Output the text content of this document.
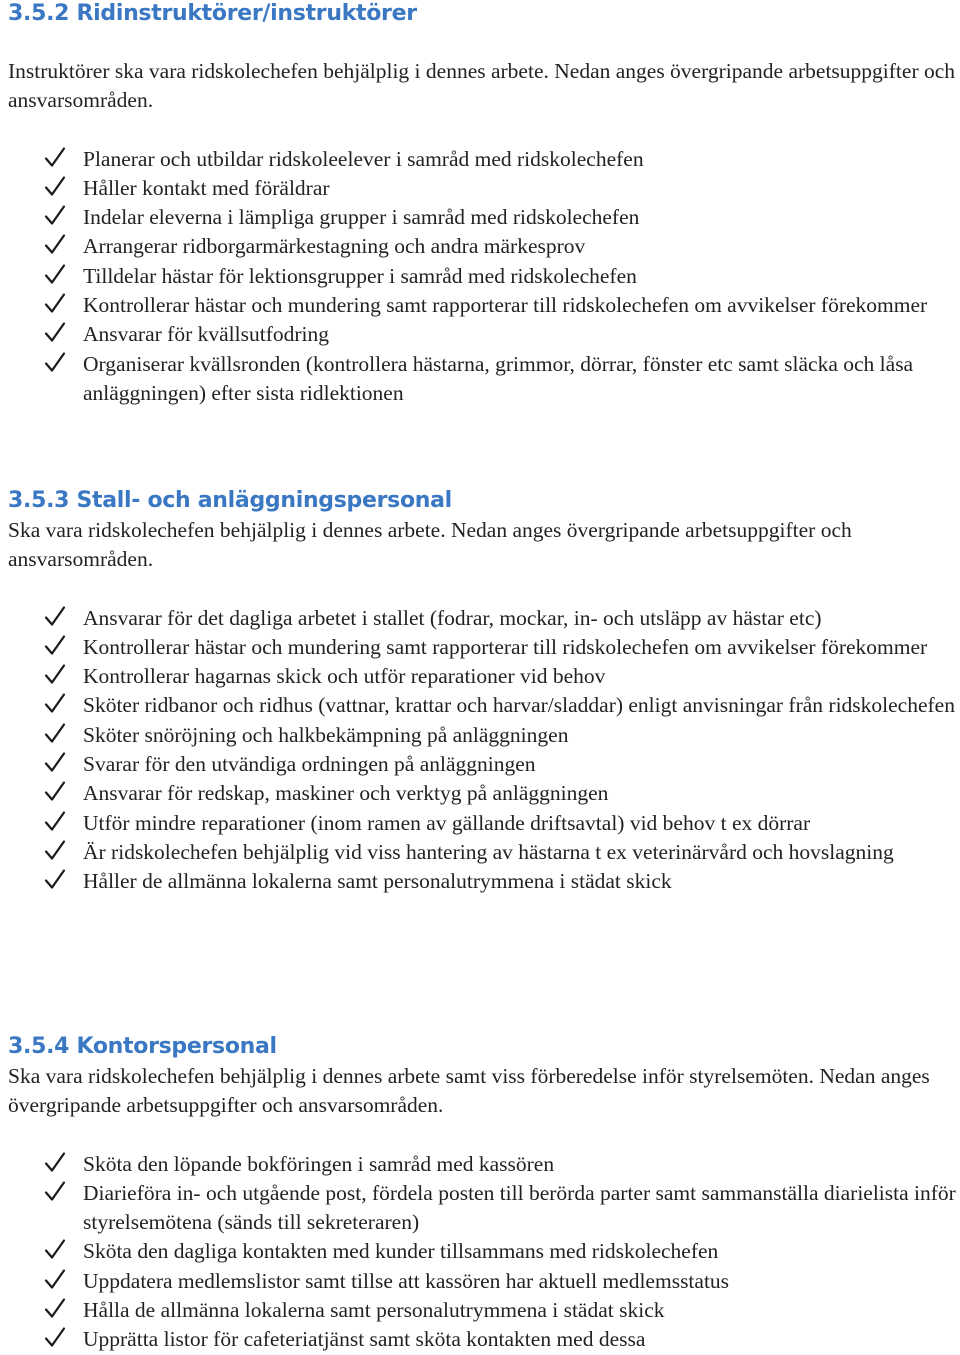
3.5.2 Ridinstruktörer/instruktörer

Instruktörer ska vara ridskolechefen behjälplig i dennes arbete. Nedan anges övergripande arbetsuppgifter och ansvarsområden.

Planerar och utbildar ridskoleelever i samråd med ridskolechefen
Håller kontakt med föräldrar
Indelar eleverna i lämpliga grupper i samråd med ridskolechefen
Arrangerar ridborgarmärkestagning och andra märkesprov
Tilldelar hästar för lektionsgrupper i samråd med ridskolechefen
Kontrollerar hästar och mundering samt rapporterar till ridskolechefen om avvikelser förekommer
Ansvarar för kvällsutfodring
Organiserar kvällsronden (kontrollera hästarna, grimmor, dörrar, fönster etc samt släcka och låsa anläggningen) efter sista ridlektionen
3.5.3 Stall- och anläggningspersonal

Ska vara ridskolechefen behjälplig i dennes arbete. Nedan anges övergripande arbetsuppgifter och ansvarsområden.

Ansvarar för det dagliga arbetet i stallet (fodrar, mockar, in- och utsläpp av hästar etc)
Kontrollerar hästar och mundering samt rapporterar till ridskolechefen om avvikelser förekommer
Kontrollerar hagarnas skick och utför reparationer vid behov
Sköter ridbanor och ridhus (vattnar, krattar och harvar/sladdar) enligt anvisningar från ridskolechefen
Sköter snöröjning och halkbekämpning på anläggningen
Svarar för den utvändiga ordningen på anläggningen
Ansvarar för redskap, maskiner och verktyg på anläggningen
Utför mindre reparationer (inom ramen av gällande driftsavtal) vid behov t ex dörrar
Är ridskolechefen behjälplig vid viss hantering av hästarna t ex veterinärvård och hovslagning
Håller de allmänna lokalerna samt personalutrymmena i städat skick
3.5.4 Kontorspersonal

Ska vara ridskolechefen behjälplig i dennes arbete samt viss förberedelse inför styrelsemöten. Nedan anges övergripande arbetsuppgifter och ansvarsområden.

Sköta den löpande bokföringen i samråd med kassören
Diarieföra in- och utgående post, fördela posten till berörda parter samt sammanställa diarielista inför styrelsemötena (sänds till sekreteraren)
Sköta den dagliga kontakten med kunder tillsammans med ridskolechefen
Uppdatera medlemslistor samt tillse att kassören har aktuell medlemsstatus
Hålla de allmänna lokalerna samt personalutrymmena i städat skick
Upprätta listor för cafeteriatjänst samt sköta kontakten med dessa
